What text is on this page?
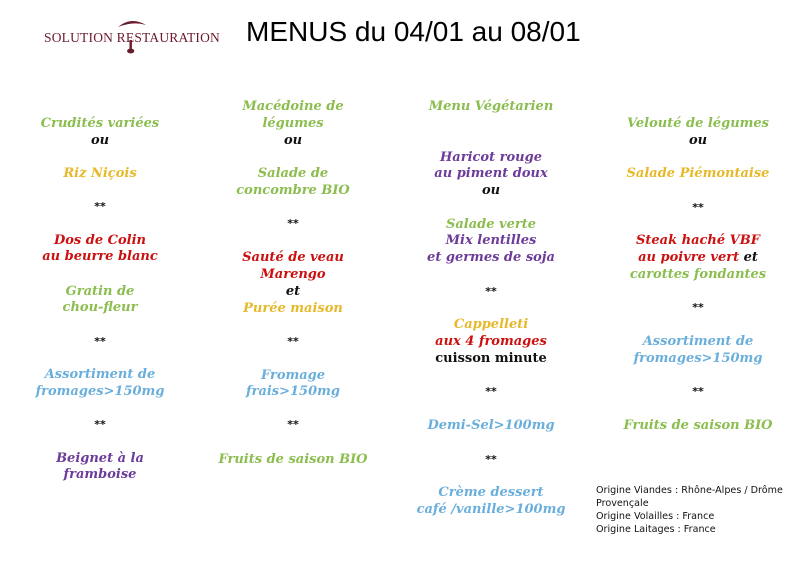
SOLUTION RESTAURATION MENUS du 04/01 au 08/01
Crudités variées
ou
Riz Niçois
**
Dos de Colin
au beurre blanc
Gratin de
chou-fleur
**
Assortiment de
fromages>150mg
**
Beignet à la
framboise
Macédoine de
légumes
ou
Salade de
concombre BIO
**
Sauté de veau
Marengo
et
Purée maison
**
Fromage
frais>150mg
**
Fruits de saison BIO
Menu Végétarien
Haricot rouge
au piment doux
ou
Salade verte
Mix lentilles
et germes de soja
**
Cappelleti
aux 4 fromages
cuisson minute
**
Demi-Sel>100mg
**
Crème dessert
café /vanille>100mg
Velouté de légumes
ou
Salade Piémontaise
**
Steak haché VBF
au poivre vert et
carottes fondantes
**
Assortiment de
fromages>150mg
**
Fruits de saison BIO
Origine Viandes : Rhône-Alpes / Drôme Provençale
Origine Volailles : France
Origine Laitages : France
